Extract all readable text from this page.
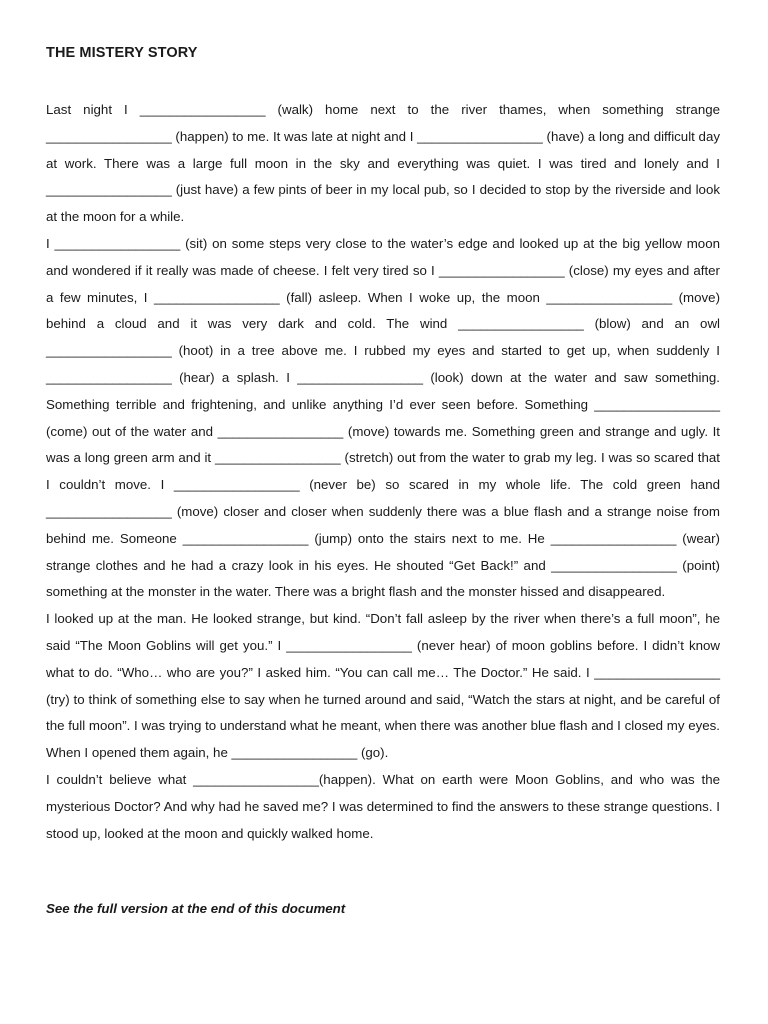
THE MISTERY STORY

Last night I _________________ (walk) home next to the river thames, when something strange _________________ (happen) to me. It was late at night and I _________________ (have) a long and difficult day at work. There was a large full moon in the sky and everything was quiet. I was tired and lonely and I _________________ (just have) a few pints of beer in my local pub, so I decided to stop by the riverside and look at the moon for a while.

I _________________ (sit) on some steps very close to the water’s edge and looked up at the big yellow moon and wondered if it really was made of cheese. I felt very tired so I _________________ (close) my eyes and after a few minutes, I _________________ (fall) asleep. When I woke up, the moon _________________ (move) behind a cloud and it was very dark and cold. The wind _________________ (blow) and an owl _________________ (hoot) in a tree above me. I rubbed my eyes and started to get up, when suddenly I _________________ (hear) a splash. I _________________ (look) down at the water and saw something. Something terrible and frightening, and unlike anything I’d ever seen before. Something _________________ (come) out of the water and _________________ (move) towards me. Something green and strange and ugly. It was a long green arm and it _________________ (stretch) out from the water to grab my leg. I was so scared that I couldn’t move. I _________________ (never be) so scared in my whole life. The cold green hand _________________ (move) closer and closer when suddenly there was a blue flash and a strange noise from behind me. Someone _________________ (jump) onto the stairs next to me. He _________________ (wear) strange clothes and he had a crazy look in his eyes. He shouted “Get Back!” and _________________ (point) something at the monster in the water. There was a bright flash and the monster hissed and disappeared.

I looked up at the man. He looked strange, but kind. “Don’t fall asleep by the river when there’s a full moon”, he said “The Moon Goblins will get you.” I _________________ (never hear) of moon goblins before. I didn’t know what to do. “Who… who are you?” I asked him. “You can call me… The Doctor.” He said. I _________________ (try) to think of something else to say when he turned around and said, “Watch the stars at night, and be careful of the full moon”. I was trying to understand what he meant, when there was another blue flash and I closed my eyes. When I opened them again, he _________________ (go).

I couldn’t believe what _________________(happen). What on earth were Moon Goblins, and who was the mysterious Doctor? And why had he saved me? I was determined to find the answers to these strange questions. I stood up, looked at the moon and quickly walked home.

See the full version at the end of this document
